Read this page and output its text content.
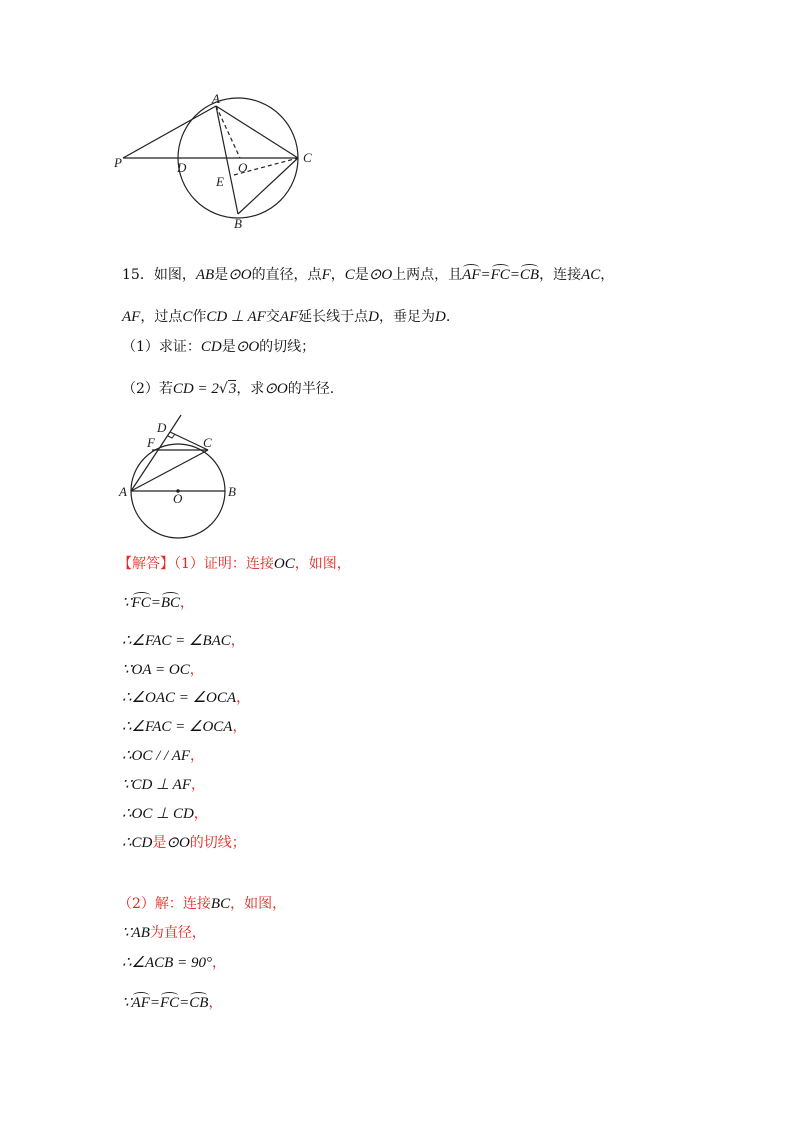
A
P	D	O
C
E
B
15．如图，AB是⊙O的直径，点F，C是⊙O上两点，且AF=FC=CB，连接AC，
AF，过点C作CD ⊥ AF交AF延长线于点D，垂足为D.
（1）求证：CD是⊙O的切线；
（2）若CD = 2√3，求⊙O的半径.
D
F	C
A	O	B
【解答】（1）证明：连接OC，如图，
∵FC=BC，
∴∠FAC = ∠BAC，
∵OA = OC，
∴∠OAC = ∠OCA，
∴∠FAC = ∠OCA，
∴OC / / AF，
∵CD ⊥ AF，
∴OC ⊥ CD，
∴CD是⊙O的切线；
（2）解：连接BC，如图，
∵AB为直径，
∴∠ACB = 90°，
∵AF=FC=CB，
